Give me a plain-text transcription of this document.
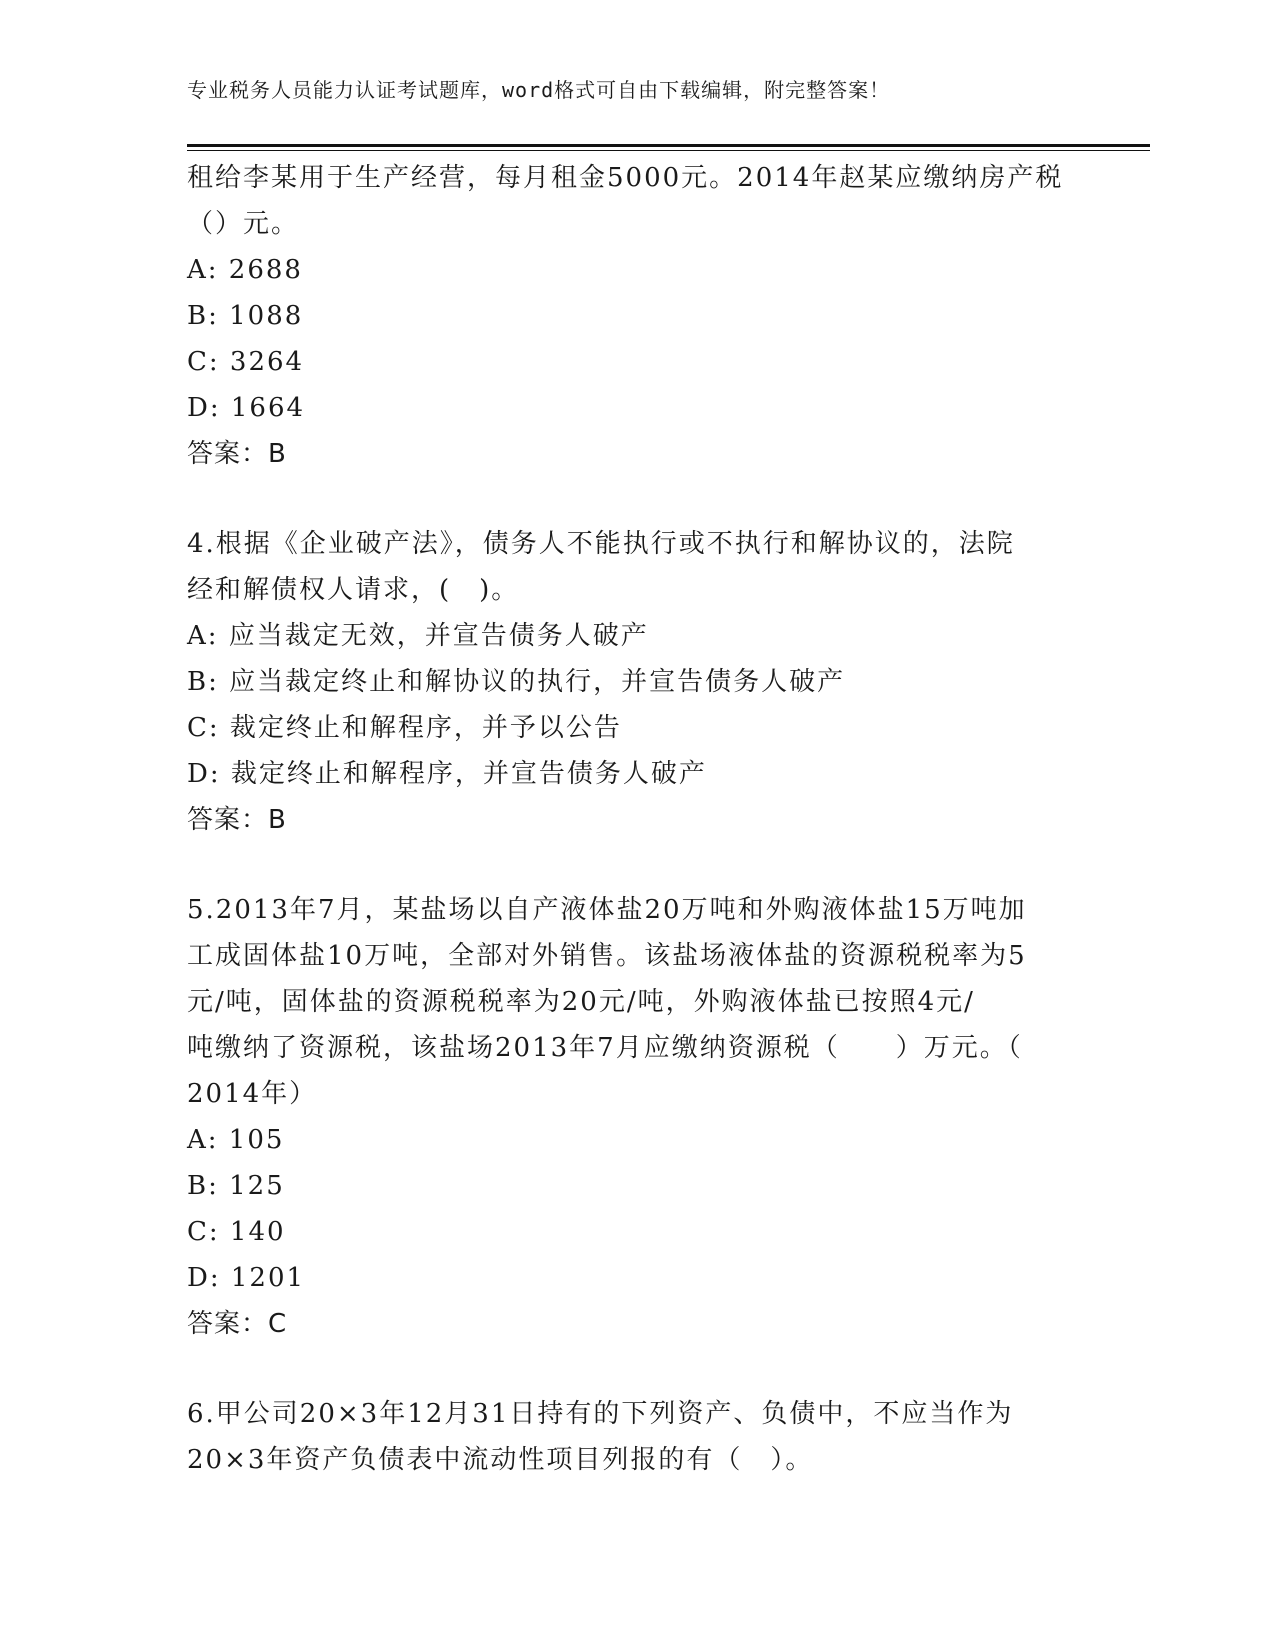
专业税务人员能力认证考试题库，word格式可自由下载编辑，附完整答案！
租给李某用于生产经营，每月租金5000元。2014年赵某应缴纳房产税
（）元。
A: 2688
B: 1088
C: 3264
D: 1664
答案：B
4.根据《企业破产法》，债务人不能执行或不执行和解协议的，法院
经和解债权人请求，(　)。
A: 应当裁定无效，并宣告债务人破产
B: 应当裁定终止和解协议的执行，并宣告债务人破产
C: 裁定终止和解程序，并予以公告
D: 裁定终止和解程序，并宣告债务人破产
答案：B
5.2013年7月，某盐场以自产液体盐20万吨和外购液体盐15万吨加
工成固体盐10万吨，全部对外销售。该盐场液体盐的资源税税率为5
元/吨，固体盐的资源税税率为20元/吨，外购液体盐已按照4元/
吨缴纳了资源税，该盐场2013年7月应缴纳资源税（　　）万元。（
2014年）
A: 105
B: 125
C: 140
D: 1201
答案：C
6.甲公司20×3年12月31日持有的下列资产、负债中，不应当作为
20×3年资产负债表中流动性项目列报的有（　）。
